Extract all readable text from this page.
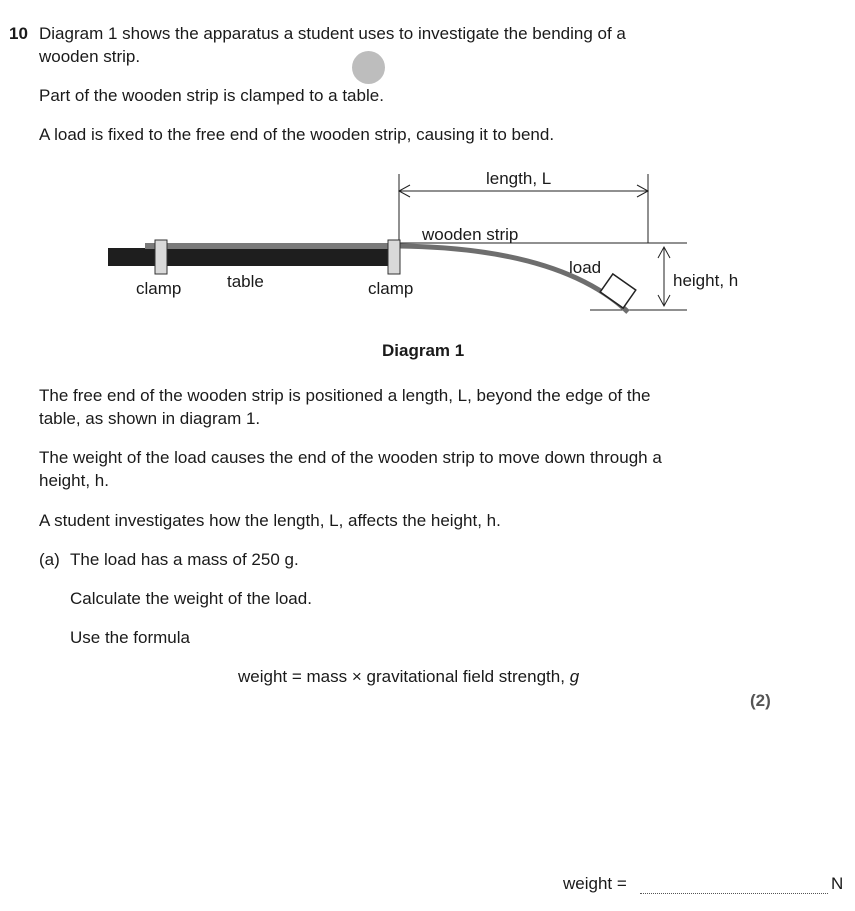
10 Diagram 1 shows the apparatus a student uses to investigate the bending of a
wooden strip.
Part of the wooden strip is clamped to a table.
A load is fixed to the free end of the wooden strip, causing it to bend.
length, L
wooden strip
load
height, h
clamp	table	clamp
Diagram 1
The free end of the wooden strip is positioned a length, L, beyond the edge of the
table, as shown in diagram 1.
The weight of the load causes the end of the wooden strip to move down through a
height, h.
A student investigates how the length, L, affects the height, h.
(a) The load has a mass of 250 g.
Calculate the weight of the load.
Use the formula
weight = mass × gravitational field strength, g
(2)
weight =	N
